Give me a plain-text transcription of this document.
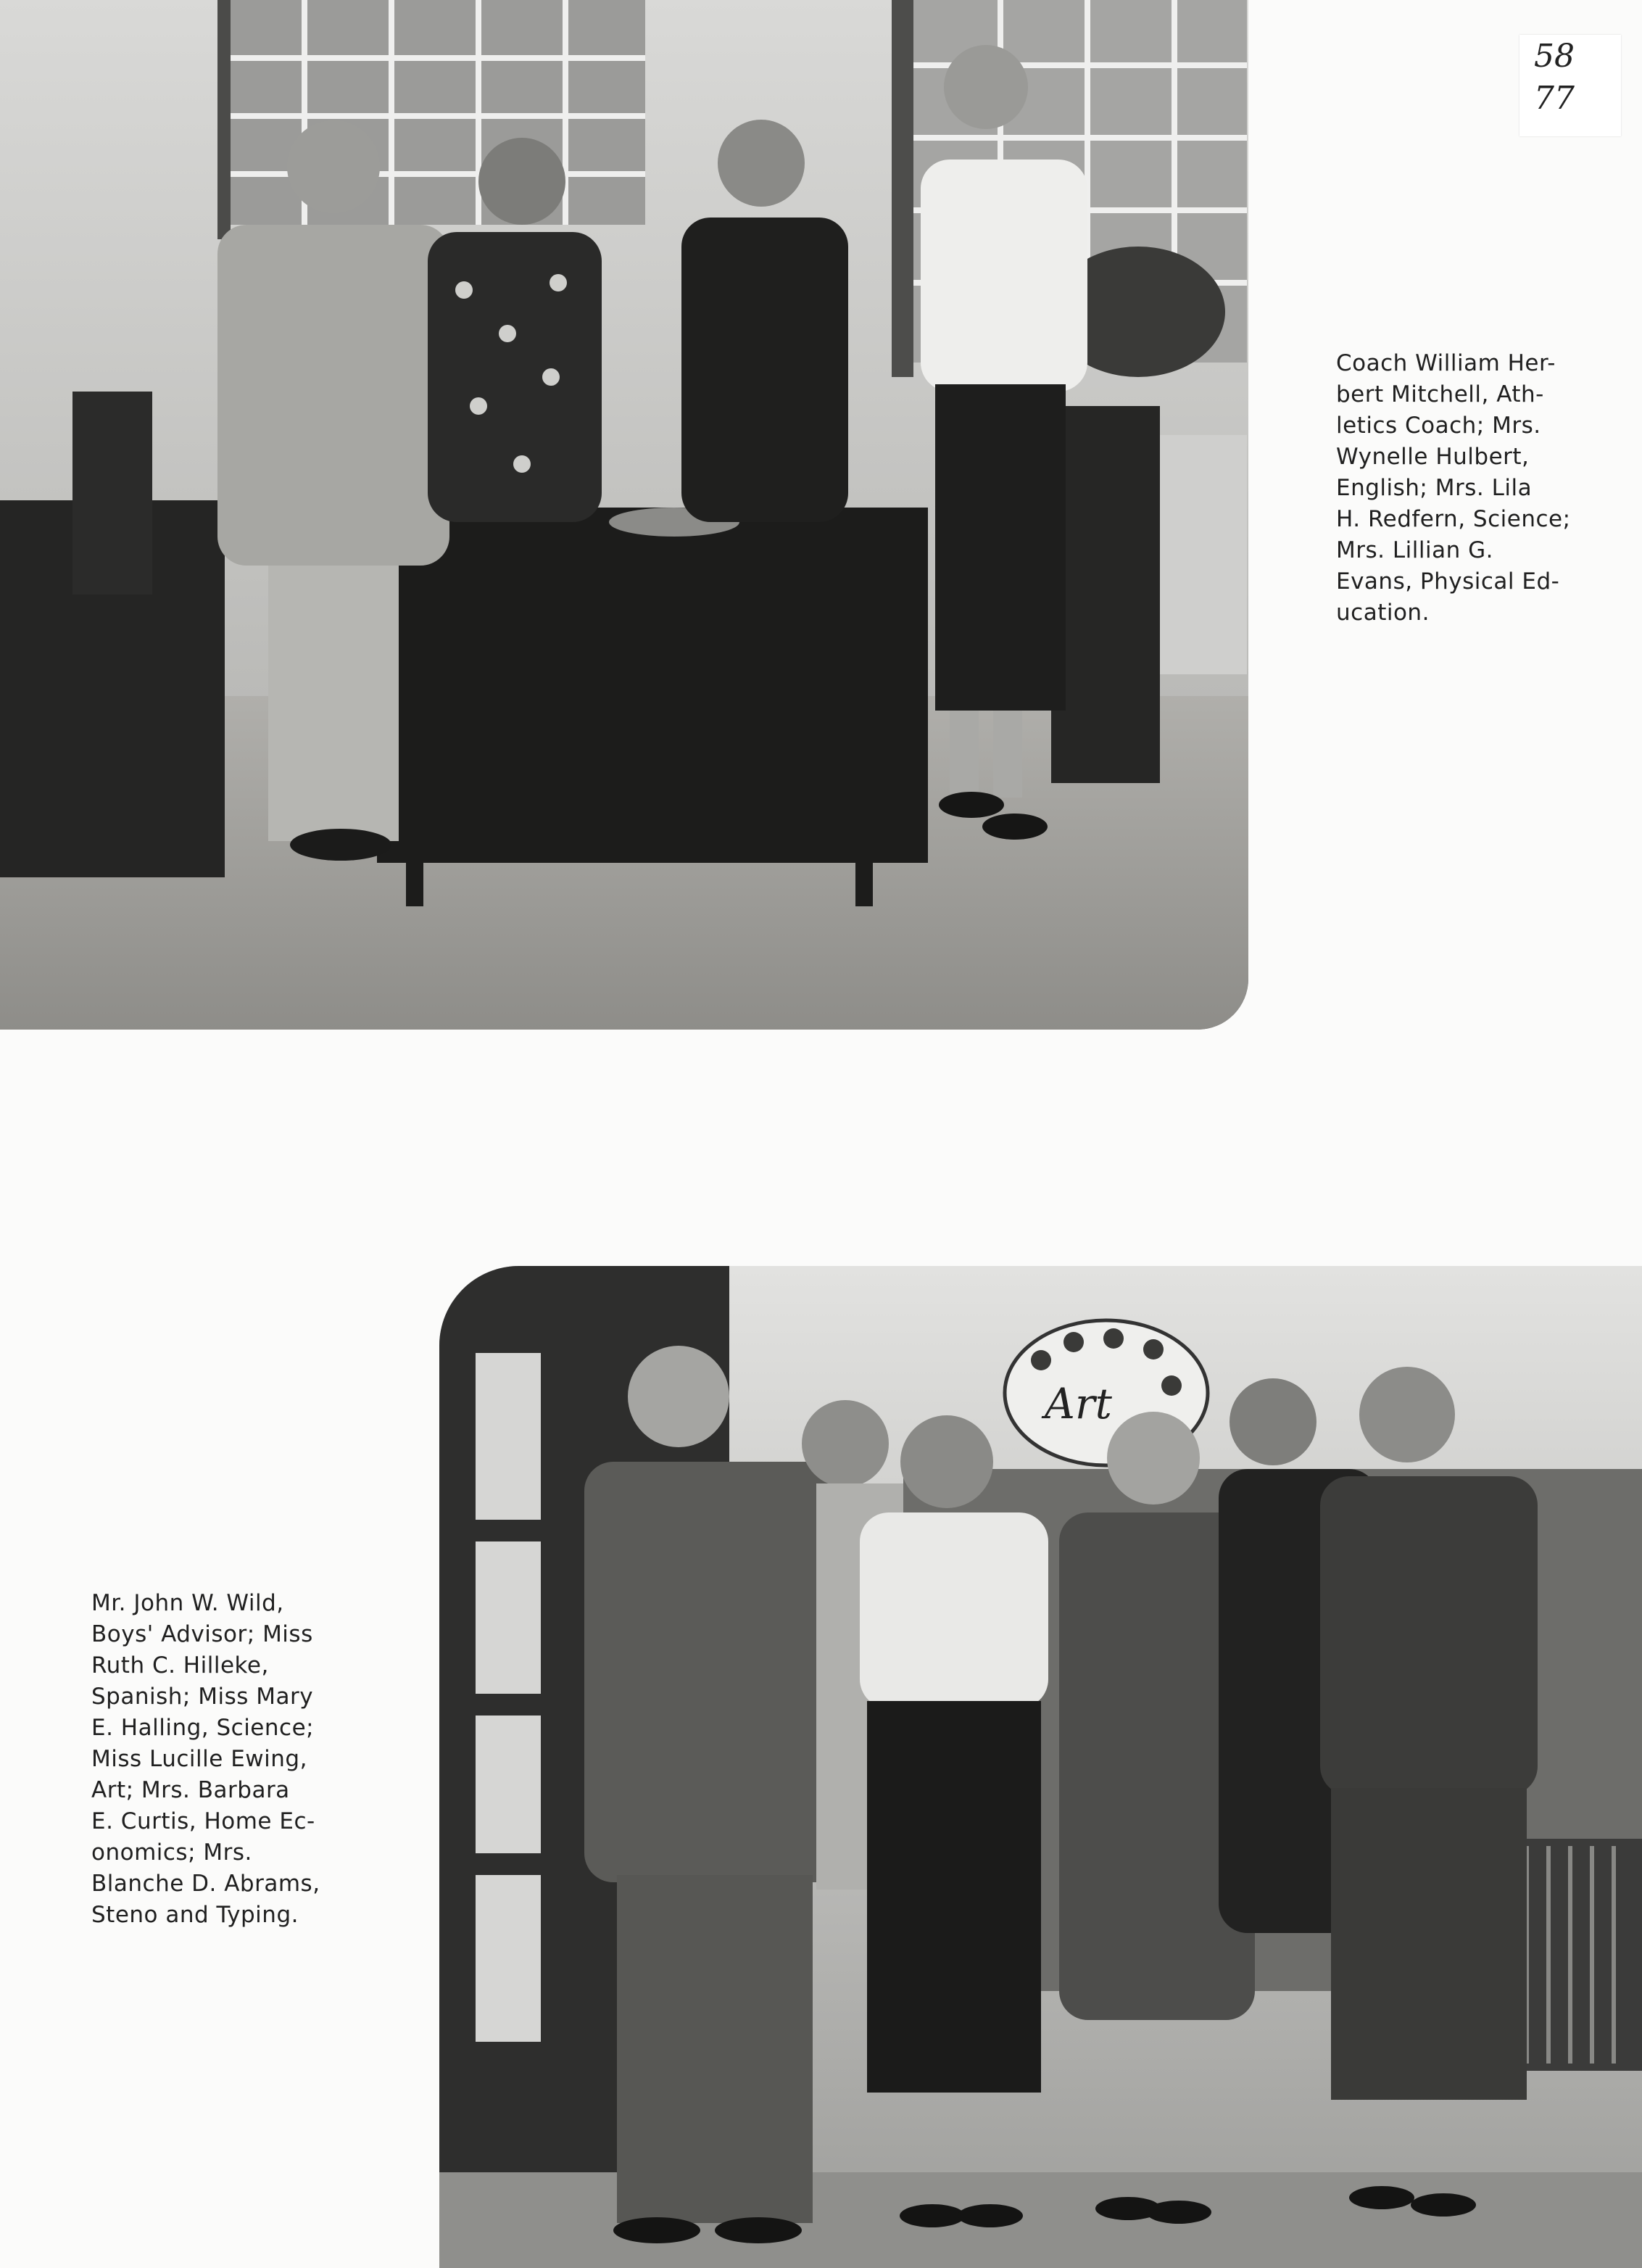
58
77
Coach William Her-
bert Mitchell, Ath-
letics Coach; Mrs.
Wynelle Hulbert,
English; Mrs. Lila
H. Redfern, Science;
Mrs. Lillian G.
Evans, Physical Ed-
ucation.
Mr. John W. Wild,
Boys' Advisor; Miss
Ruth C. Hilleke,
Spanish; Miss Mary
E. Halling, Science;
Miss Lucille Ewing,
Art; Mrs. Barbara
E. Curtis, Home Ec-
onomics; Mrs.
Blanche D. Abrams,
Steno and Typing.
Art
